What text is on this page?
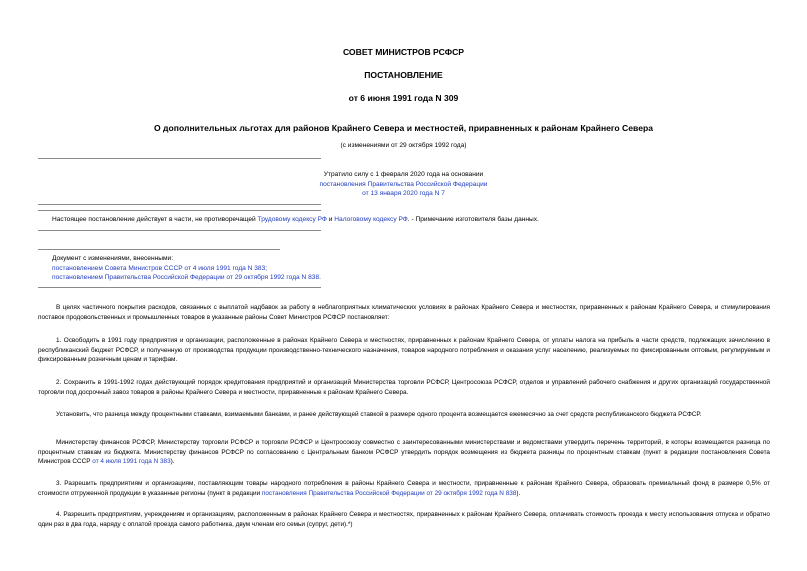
СОВЕТ МИНИСТРОВ РСФСР
ПОСТАНОВЛЕНИЕ
от 6 июня 1991 года N 309
О дополнительных льготах для районов Крайнего Севера и местностей, приравненных к районам Крайнего Севера
(с изменениями от 29 октября 1992 года)
Утратило силу с 1 февраля 2020 года на основании
постановления Правительства Российской Федерации
от 13 января 2020 года N 7
Настоящее постановление действует в части, не противоречащей Трудовому кодексу РФ и Налоговому кодексу РФ. - Примечание изготовителя базы данных.
Документ с изменениями, внесенными:
постановлением Совета Министров СССР от 4 июля 1991 года N 383;
постановлением Правительства Российской Федерации от 29 октября 1992 года N 838.

В целях частичного покрытия расходов, связанных с выплатой надбавок за работу в неблагоприятных климатических условиях в районах Крайнего Севера и местностях, приравненных к районам Крайнего Севера, и стимулирования поставок продовольственных и промышленных товаров в указанные районы Совет Министров РСФСР постановляет:

1. Освободить в 1991 году предприятия и организации, расположенные в районах Крайнего Севера и местностях, приравненных к районам Крайнего Севера, от уплаты налога на прибыль в части средств, подлежащих зачислению в республиканский бюджет РСФСР, и полученную от производства продукции производственно-технического назначения, товаров народного потребления и оказания услуг населению, реализуемых по фиксированным оптовым, регулируемым и фиксированным розничным ценам и тарифам.

2. Сохранить в 1991-1992 годах действующий порядок кредитования предприятий и организаций Министерства торговли РСФСР, Центросоюза РСФСР, отделов и управлений рабочего снабжения и других организаций государственной торговли под досрочный завоз товаров в районы Крайнего Севера и местности, приравненные к районам Крайнего Севера.

Установить, что разница между процентными ставками, взимаемыми банками, и ранее действующей ставкой в размере одного процента возмещается ежемесячно за счет средств республиканского бюджета РСФСР.

Министерству финансов РСФСР, Министерству торговли РСФСР и торговли РСФСР и Центросоюзу совместно с заинтересованными министерствами и ведомствами утвердить перечень территорий, в которы возмещается разница по процентным ставкам из бюджета. Министерству финансов РСФСР по согласованию с Центральным банком РСФСР утвердить порядок возмещения из бюджета разницы по процентным ставкам (пункт в редакции постановления Совета Министров СССР от 4 июля 1991 года N 383).

3. Разрешить предприятиям и организациям, поставляющим товары народного потребления в районы Крайнего Севера и местности, приравненные к районам Крайнего Севера, образовать премиальный фонд в размере 0,5% от стоимости отгруженной продукции в указанные регионы (пункт в редакции постановления Правительства Российской Федерации от 29 октября 1992 года N 838).

4. Разрешить предприятиям, учреждениям и организациям, расположенным в районах Крайнего Севера и местностях, приравненных к районам Крайнего Севера, оплачивать стоимость проезда к месту использования отпуска и обратно один раз в два года, наряду с оплатой проезда самого работника, двум членам его семьи (супруг, дети).*)
